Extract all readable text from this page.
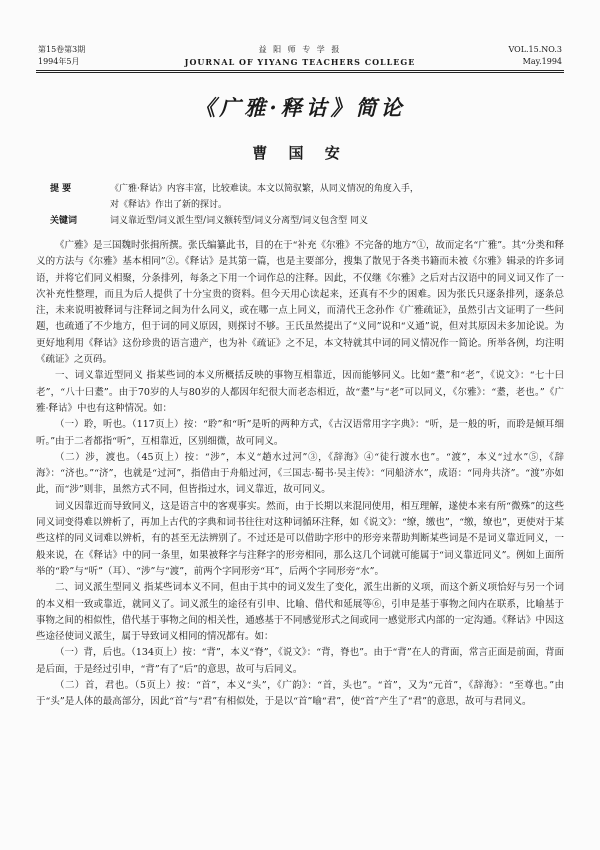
第15卷第3期
1994年5月
益 阳 师 专 学 报
JOURNAL OF YIYANG TEACHERS COLLEGE
VOL.15.NO.3
May.1994
《广雅·释诂》简论
曹 国 安
提 要	《广雅·释诂》内容丰富，比较难读。本文以简驭繁，从同义情况的角度入手，
对《释诂》作出了新的探讨。
关键词	词义靠近型/词义派生型/词义额转型/词义分离型/词义包含型 同义

《广雅》是三国魏时张揖所撰。张氏编纂此书，目的在于“补充《尔雅》不完备的地方”①，故而定名“广雅”。其“分类和释义的方法与《尔雅》基本相同”②。《释诂》是其第一篇，也是主要部分，搜集了散见于各类书籍而未被《尔雅》辑录的许多词语，并将它们同义相聚，分条排列，每条之下用一个词作总的注释。因此，不仅继《尔雅》之后对古汉语中的同义词又作了一次补充性整理，而且为后人提供了十分宝贵的资料。但今天用心读起来，还真有不少的困难。因为张氏只逐条排列，逐条总注，未来说明被释词与注释词之间为什么同义，或在哪一点上同义，而清代王念孙作《广雅疏证》，虽然引古文证明了一些问题，也疏通了不少地方，但于词的同义原因，则探讨不够。王氏虽然提出了“义同”说和“义通”说，但对其原因未多加论说。为更好地利用《释诂》这份珍贵的语言遗产，也为补《疏证》之不足，本文特就其中词的同义情况作一简论。所举各例，均注明《疏证》之页码。

一、词义靠近型同义 指某些词的本义所概括反映的事物互相靠近，因而能够同义。比如“耋”和“老”，《说文》：“七十曰老”，“八十曰耋”。由于70岁的人与80岁的人都因年纪很大而老态相近，故“耋”与“老”可以同义，《尔雅》：“耋，老也。”《广雅·释诂》中也有这种情况。如：

（一）聆，听也。（117页上）按：“聆”和“听”是听的两种方式，《古汉语常用字字典》：“听，是一般的听，而聆是倾耳细听。”由于二者都指“听”，互相靠近，区别细微，故可同义。

（二）涉，渡也。（45页上）按：“涉”，本义“趟水过河”③，《辞海》④“徒行渡水也”。“渡”，本义“过水”⑤，《辞海》：“济也。”“济”，也就是“过河”，指借由于舟船过河，《三国志·蜀书·吴主传》：“同船济水”，成语：“同舟共济”。“渡”亦如此，而“涉”则非，虽然方式不同，但皆指过水，词义靠近，故可同义。

词义因靠近而导致同义，这是语言中的客观事实。然而，由于长期以来混同使用，相互理解，遂使本来有所“微殊”的这些同义词变得难以辨析了，再加上古代的字典和词书往往对这种词循环注释，如《说文》：“缭，缴也”，“缴，缭也”，更使对于某些这样的同义词难以辨析，有的甚至无法辨别了。不过还是可以借助字形中的形旁来帮助判断某些词是不是词义靠近同义，一般来说，在《释诂》中的同一条里，如果被释字与注释字的形旁相同，那么这几个词就可能属于“词义靠近同义”。例如上面所举的“聆”与“听”（耳）、“涉”与“渡”，前两个字同形旁“耳”，后两个字同形旁“水”。

二、词义派生型同义 指某些词本义不同，但由于其中的词义发生了变化，派生出新的义项，而这个新义项恰好与另一个词的本义相一致或靠近，就同义了。词义派生的途径有引申、比喻、借代和延展等⑥，引申是基于事物之间内在联系，比喻基于事物之间的相似性，借代基于事物之间的相关性，通感基于不同感觉形式之间或同一感觉形式内部的一定沟通。《释诂》中因这些途径使词义派生，属于导致词义相同的情况都有。如：

（一）背，后也。（134页上）按：“背”，本义“脊”，《说文》：“背，脊也”。由于“背”在人的背面，常言正面是前面，背面是后面，于是经过引申，“背”有了“后”的意思，故可与后同义。

（二）首，君也。（5页上）按：“首”，本义“头”，《广韵》：“首，头也”。“首”，又为“元首”，《辞海》：“至尊也。”由于“头”是人体的最高部分，因此“首”与“君”有相似处，于是以“首”喻“君”，使“首”产生了“君”的意思，故可与君同义。
